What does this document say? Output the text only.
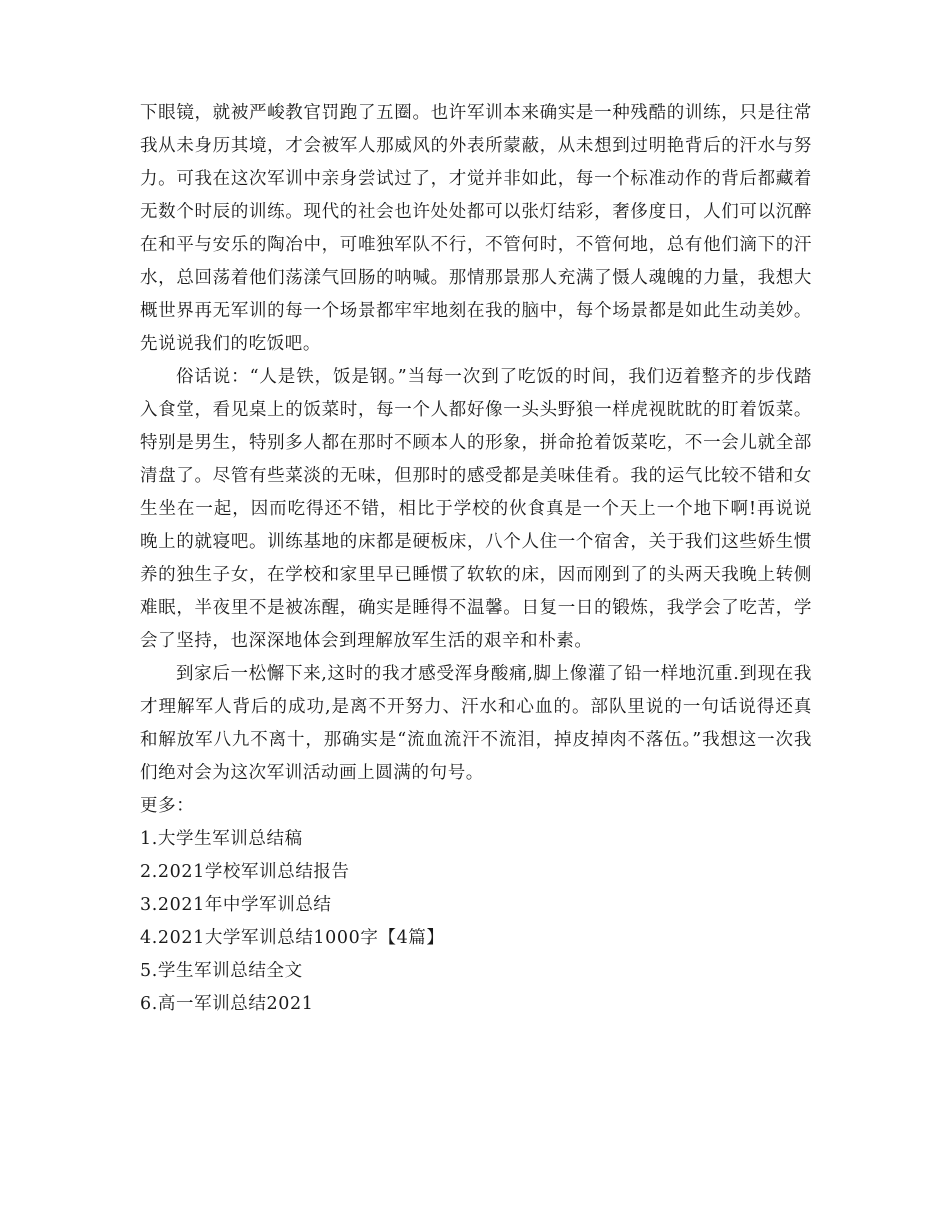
下眼镜，就被严峻教官罚跑了五圈。也许军训本来确实是一种残酷的训练，只是往常我从未身历其境，才会被军人那威风的外表所蒙蔽，从未想到过明艳背后的汗水与努力。可我在这次军训中亲身尝试过了，才觉并非如此，每一个标准动作的背后都藏着无数个时辰的训练。现代的社会也许处处都可以张灯结彩，奢侈度日，人们可以沉醉在和平与安乐的陶冶中，可唯独军队不行，不管何时，不管何地，总有他们滴下的汗水，总回荡着他们荡漾气回肠的呐喊。那情那景那人充满了慑人魂魄的力量，我想大概世界再无军训的每一个场景都牢牢地刻在我的脑中，每个场景都是如此生动美妙。先说说我们的吃饭吧。

俗话说：“人是铁，饭是钢。”当每一次到了吃饭的时间，我们迈着整齐的步伐踏入食堂，看见桌上的饭菜时，每一个人都好像一头头野狼一样虎视眈眈的盯着饭菜。特别是男生，特别多人都在那时不顾本人的形象，拼命抢着饭菜吃，不一会儿就全部清盘了。尽管有些菜淡的无味，但那时的感受都是美味佳肴。我的运气比较不错和女生坐在一起，因而吃得还不错，相比于学校的伙食真是一个天上一个地下啊!再说说晚上的就寝吧。训练基地的床都是硬板床，八个人住一个宿舍，关于我们这些娇生惯养的独生子女，在学校和家里早已睡惯了软软的床，因而刚到了的头两天我晚上转侧难眠，半夜里不是被冻醒，确实是睡得不温馨。日复一日的锻炼，我学会了吃苦，学会了坚持，也深深地体会到理解放军生活的艰辛和朴素。

到家后一松懈下来,这时的我才感受浑身酸痛,脚上像灌了铅一样地沉重.到现在我才理解军人背后的成功,是离不开努力、汗水和心血的。部队里说的一句话说得还真和解放军八九不离十，那确实是“流血流汗不流泪，掉皮掉肉不落伍。”我想这一次我们绝对会为这次军训活动画上圆满的句号。

更多：

1.大学生军训总结稿
2.2021学校军训总结报告
3.2021年中学军训总结
4.2021大学军训总结1000字【4篇】
5.学生军训总结全文
6.高一军训总结2021
